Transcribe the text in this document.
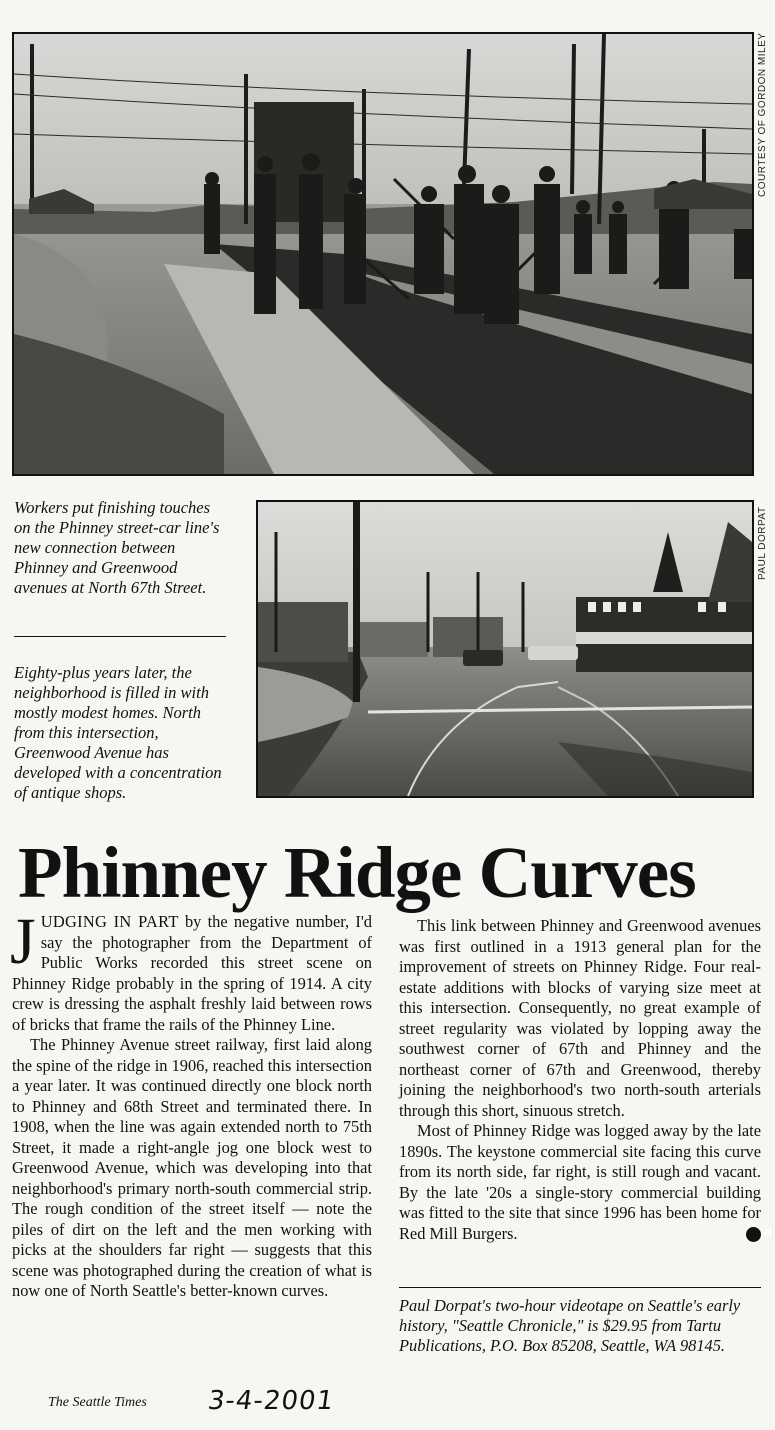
COURTESY OF GORDON MILEY
Workers put finishing touches on the Phinney street-car line's new connection between Phinney and Greenwood avenues at North 67th Street.
Eighty-plus years later, the neighborhood is filled in with mostly modest homes. North from this intersection, Greenwood Avenue has developed with a concentration of antique shops.
PAUL DORPAT
Phinney Ridge Curves

JUDGING IN PART by the negative number, I'd say the photographer from the Department of Public Works recorded this street scene on Phinney Ridge probably in the spring of 1914. A city crew is dressing the asphalt freshly laid between rows of bricks that frame the rails of the Phinney Line.

The Phinney Avenue street railway, first laid along the spine of the ridge in 1906, reached this intersection a year later. It was continued directly one block north to Phinney and 68th Street and terminated there. In 1908, when the line was again extended north to 75th Street, it made a right-angle jog one block west to Greenwood Avenue, which was developing into that neighborhood's primary north-south commercial strip. The rough condition of the street itself — note the piles of dirt on the left and the men working with picks at the shoulders far right — suggests that this scene was photographed during the creation of what is now one of North Seattle's better-known curves.

This link between Phinney and Greenwood avenues was first outlined in a 1913 general plan for the improvement of streets on Phinney Ridge. Four real-estate additions with blocks of varying size meet at this intersection. Consequently, no great example of street regularity was violated by lopping away the southwest corner of 67th and Phinney and the northeast corner of 67th and Greenwood, thereby joining the neighborhood's two north-south arterials through this short, sinuous stretch.

Most of Phinney Ridge was logged away by the late 1890s. The keystone commercial site facing this curve from its north side, far right, is still rough and vacant. By the late '20s a single-story commercial building was fitted to the site that since 1996 has been home for Red Mill Burgers.	P

Paul Dorpat's two-hour videotape on Seattle's early history, "Seattle Chronicle," is $29.95 from Tartu Publications, P.O. Box 85208, Seattle, WA 98145.
The Seattle Times 3-4-2001
